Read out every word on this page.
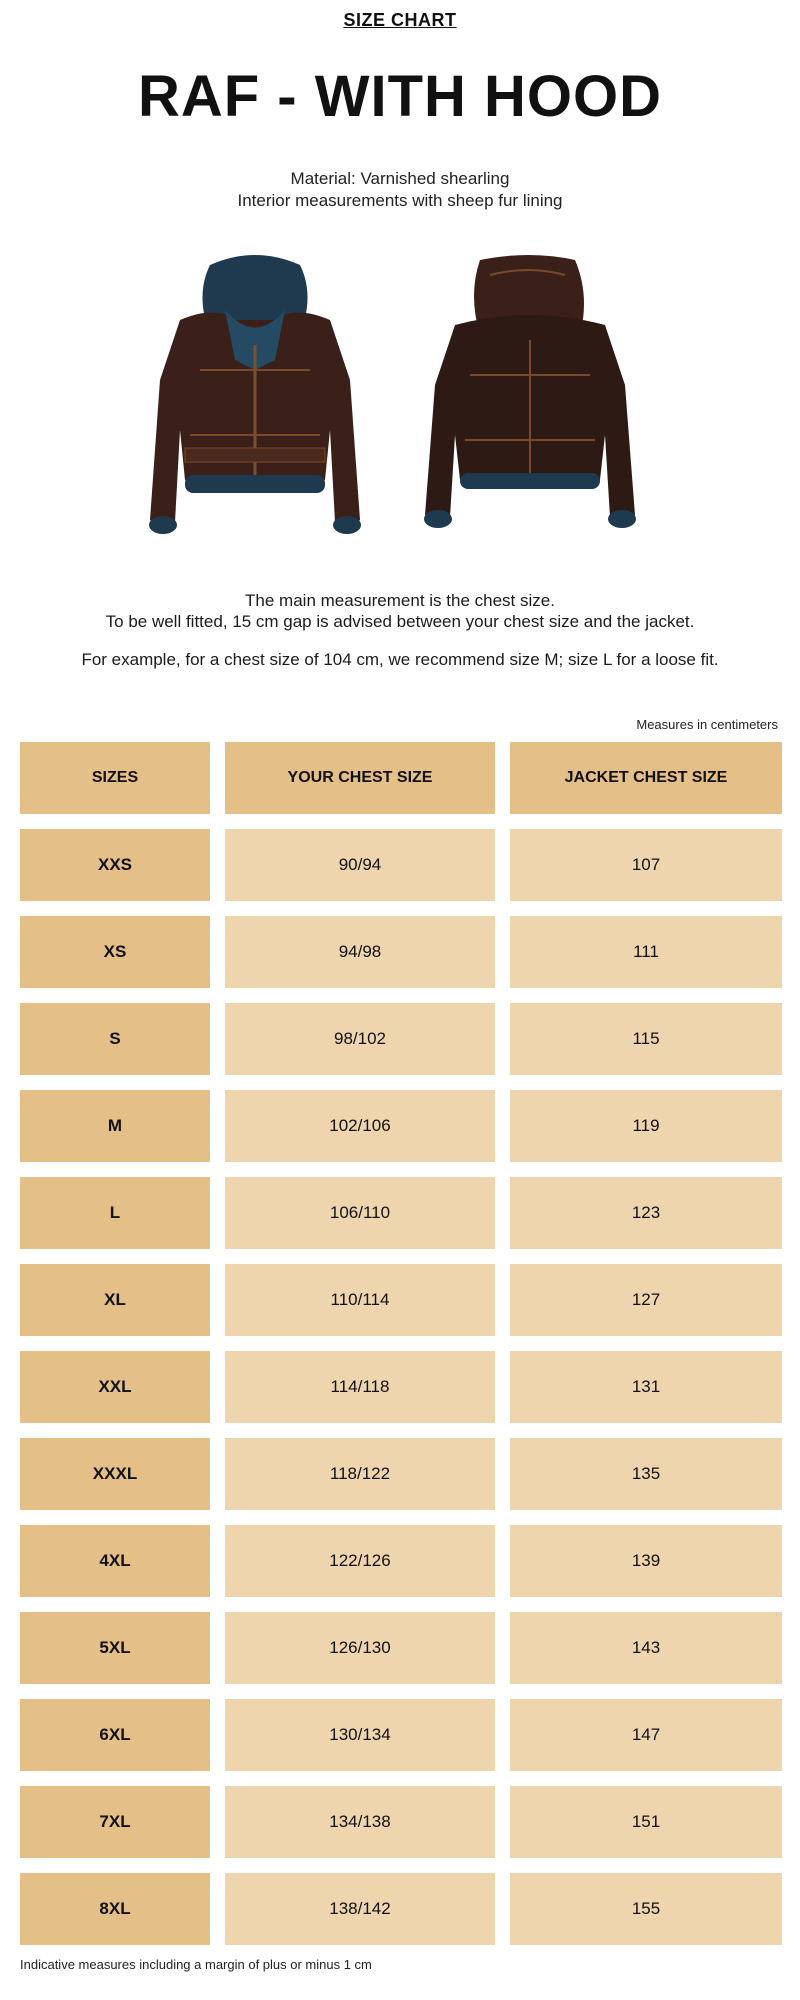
SIZE CHART
RAF - WITH HOOD
Material: Varnished shearling
Interior measurements with sheep fur lining

The main measurement is the chest size.

To be well fitted, 15 cm gap is advised between your chest size and the jacket.

For example, for a chest size of 104 cm, we recommend size M; size L for a loose fit.
Measures in centimeters
SIZES	YOUR CHEST SIZE	JACKET CHEST SIZE
XXS	90/94	107
XS	94/98	111
S	98/102	115
M	102/106	119
L	106/110	123
XL	110/114	127
XXL	114/118	131
XXXL	118/122	135
4XL	122/126	139
5XL	126/130	143
6XL	130/134	147
7XL	134/138	151
8XL	138/142	155
Indicative measures including a margin of plus or minus 1 cm
